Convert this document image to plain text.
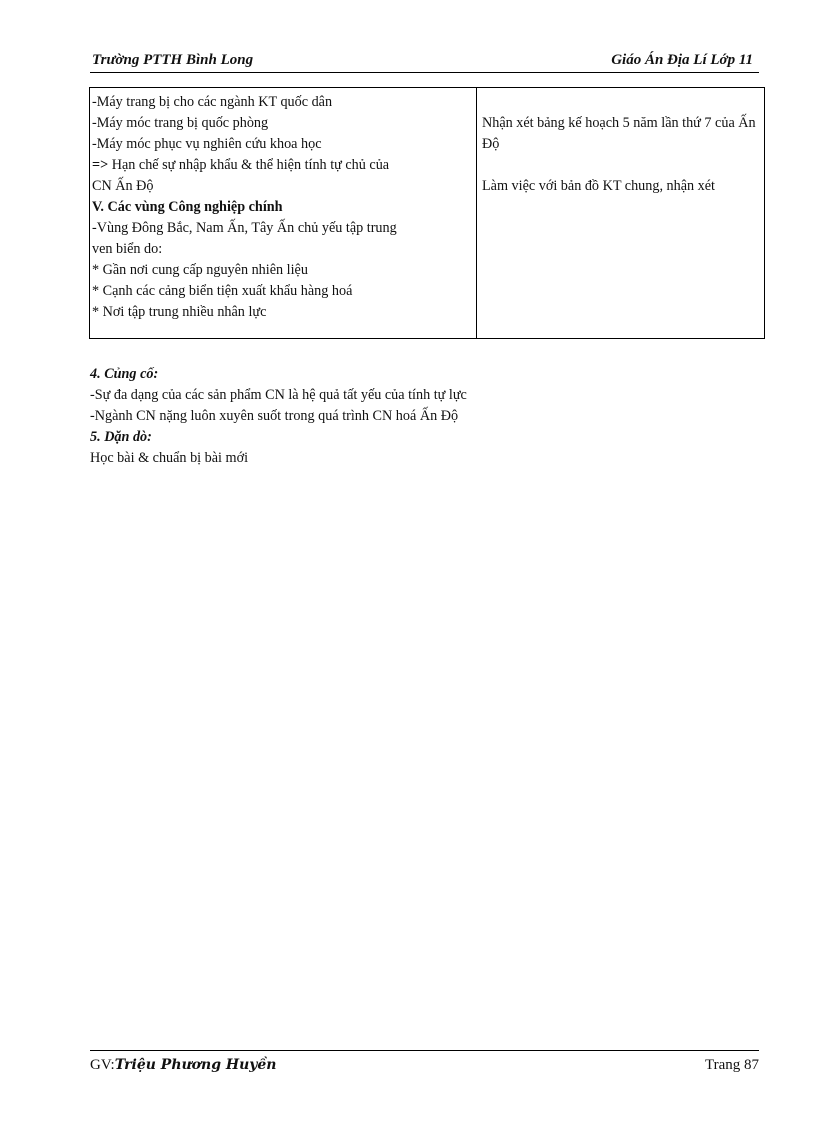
Trường PTTH Bình Long	Giáo Án Địa Lí Lớp 11
-Máy trang bị cho các ngành KT quốc dân
-Máy móc trang bị quốc phòng
-Máy móc phục vụ nghiên cứu khoa học
=> Hạn chế sự nhập khẩu & thể hiện tính tự chủ của
CN Ấn Độ
V. Các vùng Công nghiệp chính
-Vùng Đông Bắc, Nam Ấn, Tây Ấn chủ yếu tập trung
ven biển do:
* Gần nơi cung cấp nguyên nhiên liệu
* Cạnh các cảng biển tiện xuất khẩu hàng hoá
* Nơi tập trung nhiều nhân lực
Nhận xét bảng kế hoạch 5 năm lần thứ 7 của Ấn Độ
Làm việc với bản đồ KT chung, nhận xét
4. Củng cố:
-Sự đa dạng của các sản phẩm CN là hệ quả tất yếu của tính tự lực
-Ngành CN nặng luôn xuyên suốt trong quá trình CN hoá Ấn Độ
5. Dặn dò:
Học bài & chuẩn bị bài mới
GV:Triệu Phương Huyền	Trang 87
